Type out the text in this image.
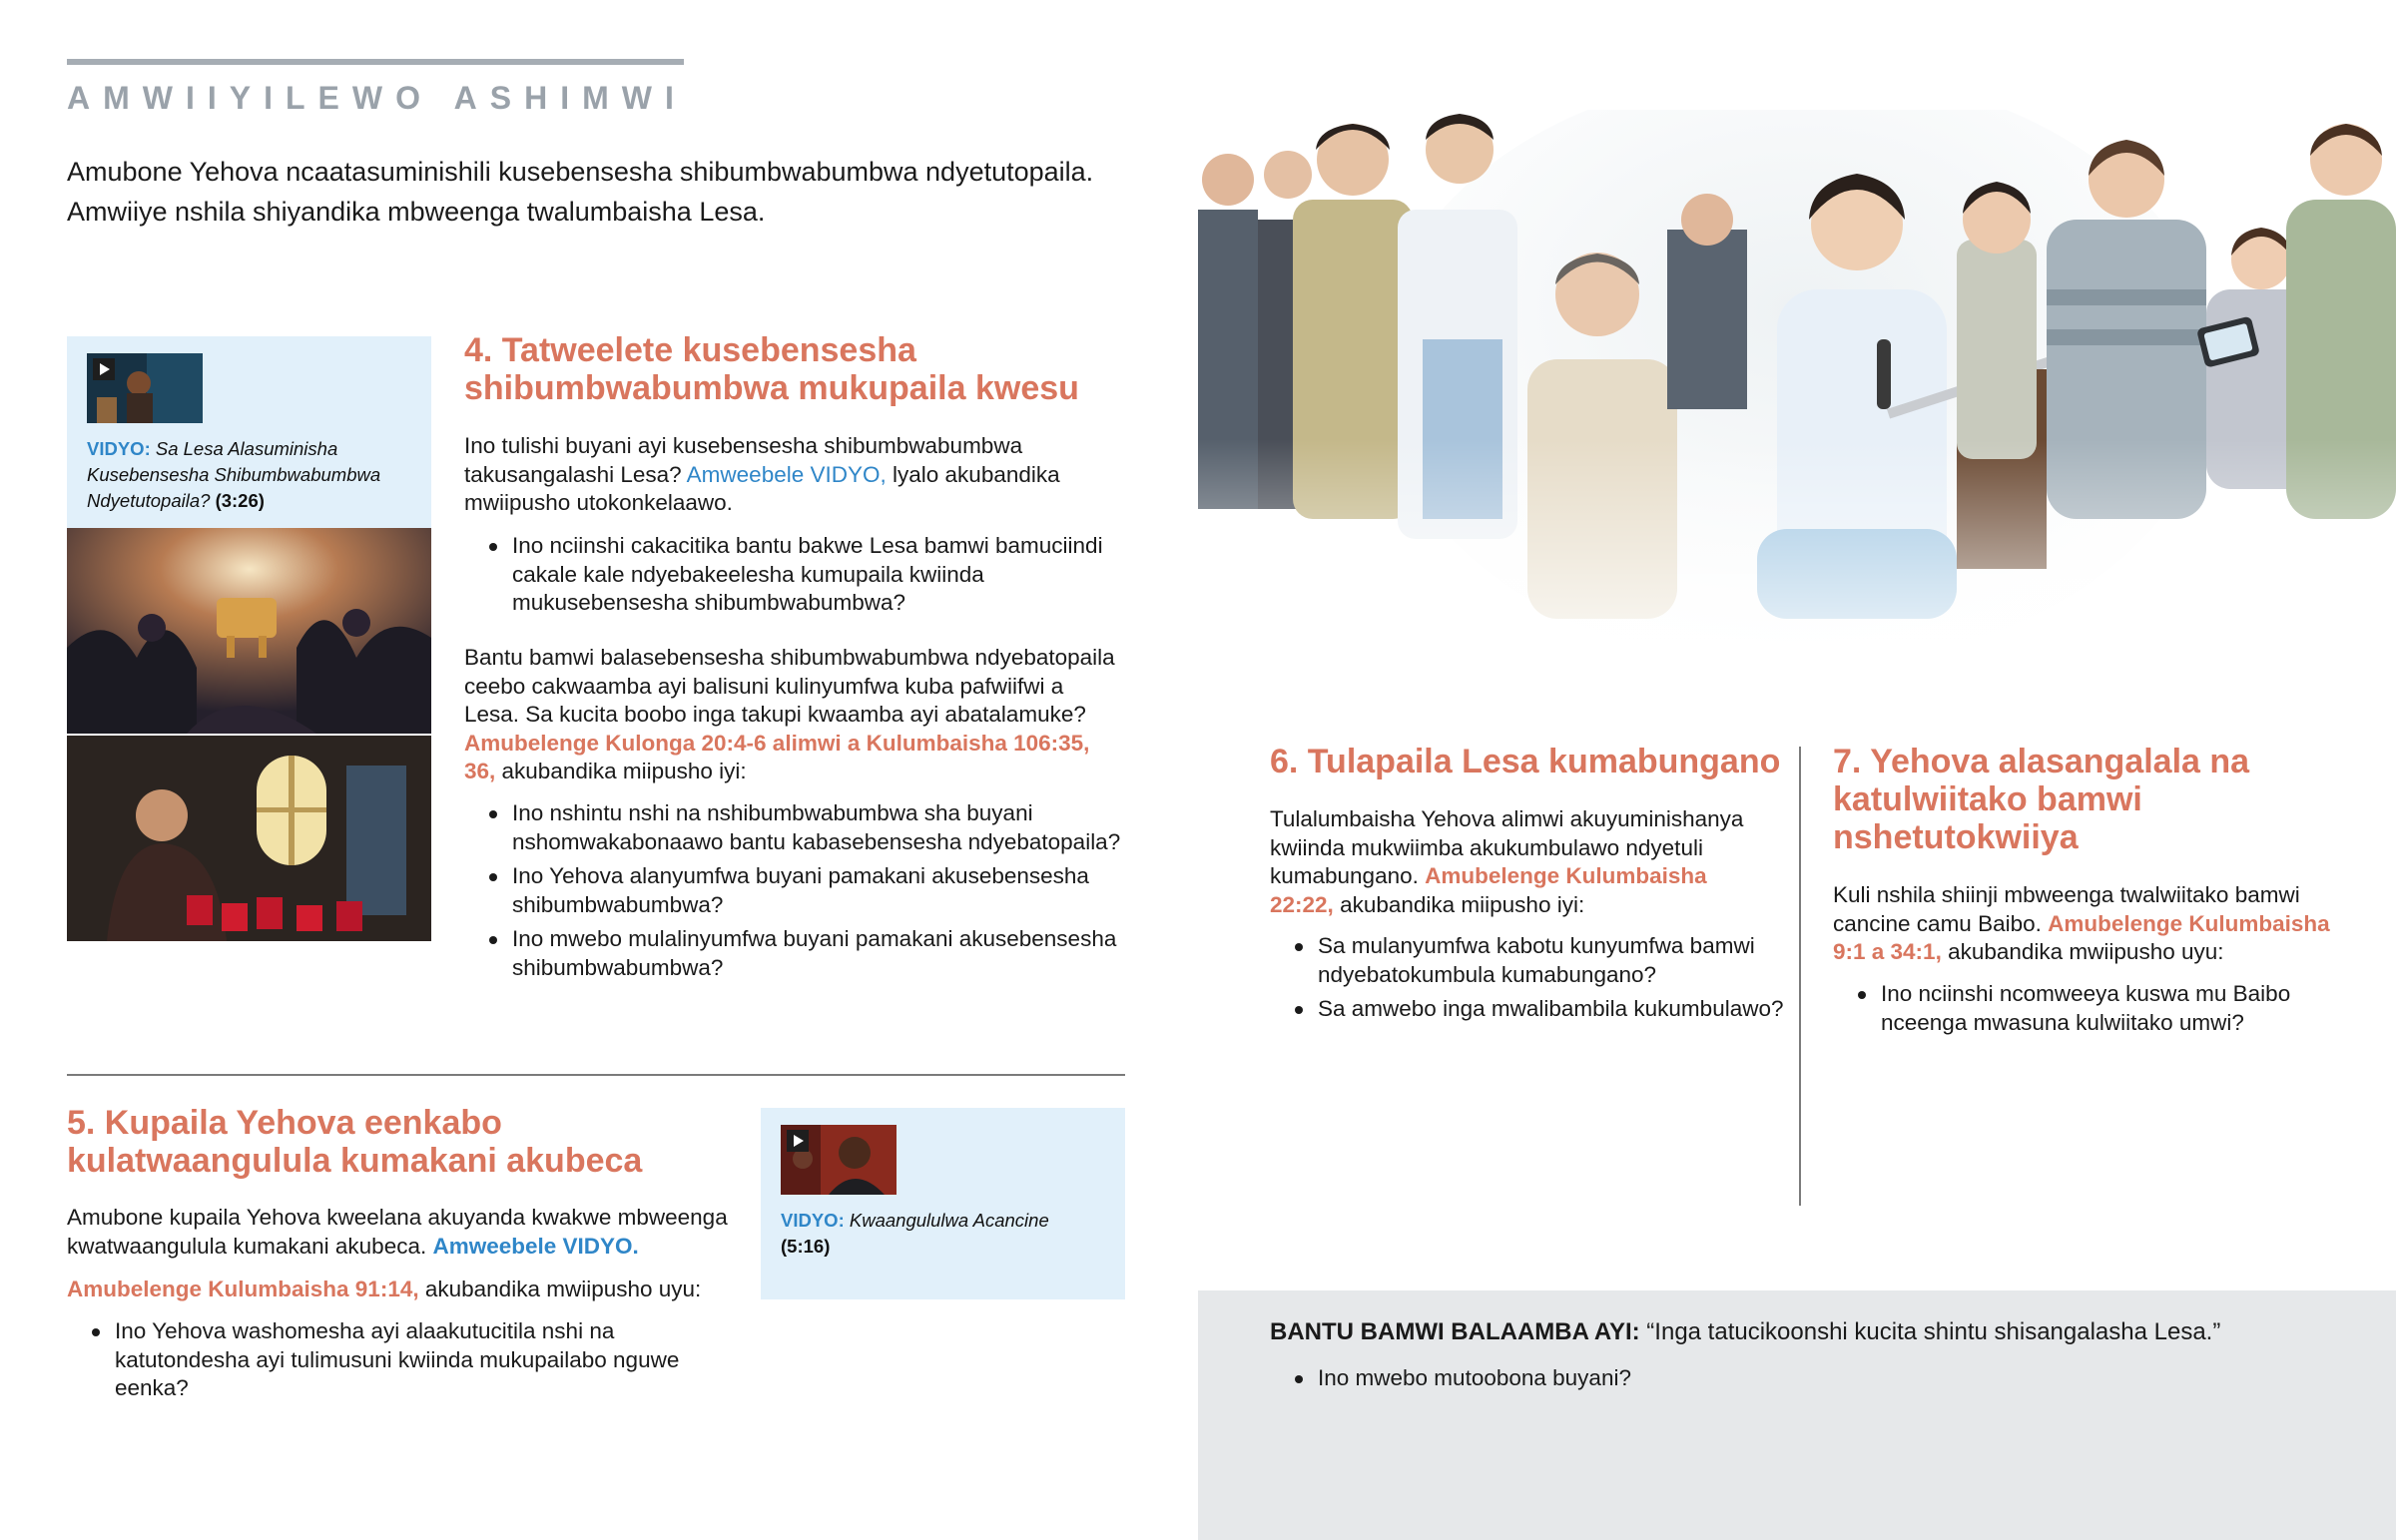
AMWIIYILEWO ASHIMWI
Amubone Yehova ncaatasuminishili kusebensesha shibumbwabumbwa ndyetutopaila. Amwiiye nshila shiyandika mbweenga twalumbaisha Lesa.
VIDYO: Sa Lesa Alasuminisha Kusebensesha Shibumbwabumbwa Ndyetutopaila? (3:26)
4. Tatweelete kusebensesha shibumbwabumbwa mukupaila kwesu

Ino tulishi buyani ayi kusebensesha shibumbwabumbwa takusangalashi Lesa? Amweebele VIDYO, lyalo akubandika mwiipusho utokonkelaawo.

Ino nciinshi cakacitika bantu bakwe Lesa bamwi bamuciindi cakale kale ndyebakeelesha kumupaila kwiinda mukusebensesha shibumbwabumbwa?

Bantu bamwi balasebensesha shibumbwabumbwa ndyebatopaila ceebo cakwaamba ayi balisuni kulinyumfwa kuba pafwiifwi a Lesa. Sa kucita boobo inga takupi kwaamba ayi abatalamuke? Amubelenge Kulonga 20:4-6 alimwi a Kulumbaisha 106:35, 36, akubandika miipusho iyi:

Ino nshintu nshi na nshibumbwabumbwa sha buyani nshomwakabonaawo bantu kabasebensesha ndyebatopaila?
Ino Yehova alanyumfwa buyani pamakani akusebensesha shibumbwabumbwa?
Ino mwebo mulalinyumfwa buyani pamakani akusebensesha shibumbwabumbwa?
5. Kupaila Yehova eenkabo kulatwaangulula kumakani akubeca

Amubone kupaila Yehova kweelana akuyanda kwakwe mbweenga kwatwaangulula kumakani akubeca. Amweebele VIDYO.

Amubelenge Kulumbaisha 91:14, akubandika mwiipusho uyu:

Ino Yehova washomesha ayi alaakutucitila nshi na katutondesha ayi tulimusuni kwiinda mukupailabo nguwe eenka?
VIDYO: Kwaangululwa Acancine
(5:16)
6. Tulapaila Lesa kumabungano

Tulalumbaisha Yehova alimwi akuyuminishanya kwiinda mukwiimba akukumbulawo ndyetuli kumabungano. Amubelenge Kulumbaisha 22:22, akubandika miipusho iyi:

Sa mulanyumfwa kabotu kunyumfwa bamwi ndyebatokumbula kumabungano?
Sa amwebo inga mwalibambila kukumbulawo?
7. Yehova alasangalala na katulwiitako bamwi nshetutokwiiya

Kuli nshila shiinji mbweenga twalwiitako bamwi cancine camu Baibo. Amubelenge Kulumbaisha 9:1 a 34:1, akubandika mwiipusho uyu:

Ino nciinshi ncomweeya kuswa mu Baibo nceenga mwasuna kulwiitako umwi?

BANTU BAMWI BALAAMBA AYI: “Inga tatucikoonshi kucita shintu shisangalasha Lesa.”

Ino mwebo mutoobona buyani?
